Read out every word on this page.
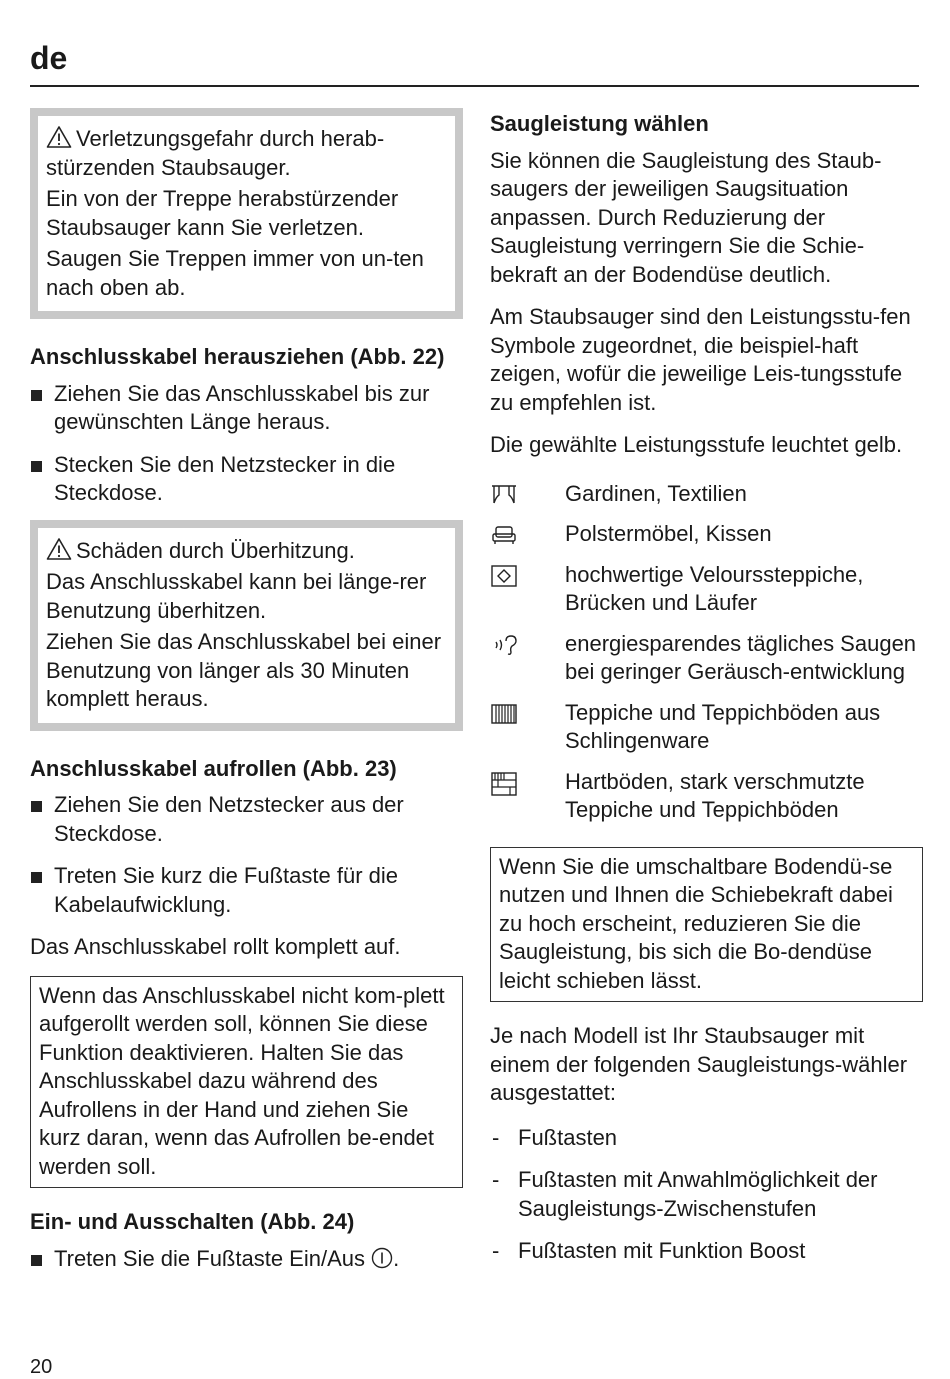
de

Verletzungsgefahr durch herab-stürzenden Staubsauger.

Ein von der Treppe herabstürzender Staubsauger kann Sie verletzen.

Saugen Sie Treppen immer von un-ten nach oben ab.

Anschlusskabel herausziehen (Abb. 22)

Ziehen Sie das Anschlusskabel bis zur gewünschten Länge heraus.
Stecken Sie den Netzstecker in die Steckdose.

Schäden durch Überhitzung.

Das Anschlusskabel kann bei länge-rer Benutzung überhitzen.

Ziehen Sie das Anschlusskabel bei einer Benutzung von länger als 30 Minuten komplett heraus.

Anschlusskabel aufrollen (Abb. 23)

Ziehen Sie den Netzstecker aus der Steckdose.
Treten Sie kurz die Fußtaste für die Kabelaufwicklung.

Das Anschlusskabel rollt komplett auf.

Wenn das Anschlusskabel nicht kom-plett aufgerollt werden soll, können Sie diese Funktion deaktivieren. Halten Sie das Anschlusskabel dazu während des Aufrollens in der Hand und ziehen Sie kurz daran, wenn das Aufrollen be-endet werden soll.

Ein- und Ausschalten (Abb. 24)

Treten Sie die Fußtaste Ein/Aus .

Saugleistung wählen

Sie können die Saugleistung des Staub-saugers der jeweiligen Saugsituation anpassen. Durch Reduzierung der Saugleistung verringern Sie die Schie-bekraft an der Bodendüse deutlich.

Am Staubsauger sind den Leistungsstu-fen Symbole zugeordnet, die beispiel-haft zeigen, wofür die jeweilige Leis-tungsstufe zu empfehlen ist.

Die gewählte Leistungsstufe leuchtet gelb.

Gardinen, Textilien
Polstermöbel, Kissen
hochwertige Velourssteppiche, Brücken und Läufer
energiesparendes tägliches Saugen bei geringer Geräusch-entwicklung
Teppiche und Teppichböden aus Schlingenware
Hartböden, stark verschmutzte Teppiche und Teppichböden

Wenn Sie die umschaltbare Bodendü-se nutzen und Ihnen die Schiebekraft dabei zu hoch erscheint, reduzieren Sie die Saugleistung, bis sich die Bo-dendüse leicht schieben lässt.

Je nach Modell ist Ihr Staubsauger mit einem der folgenden Saugleistungs-wähler ausgestattet:

- Fußtasten
- Fußtasten mit Anwahlmöglichkeit der Saugleistungs-Zwischenstufen
- Fußtasten mit Funktion Boost
20
